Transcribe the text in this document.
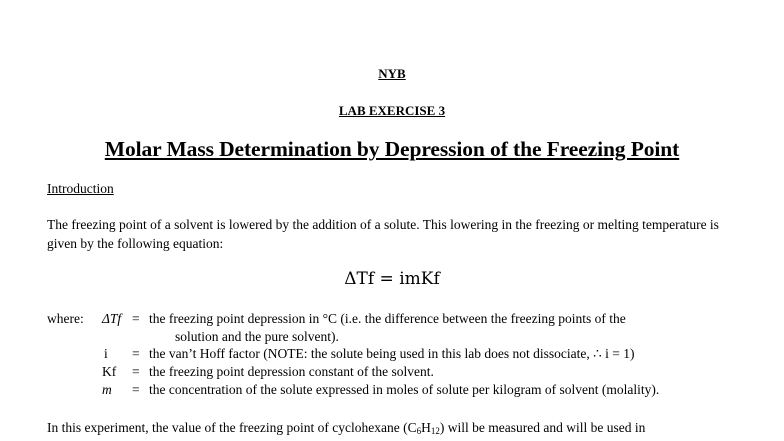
NYB
LAB EXERCISE 3
Molar Mass Determination by Depression of the Freezing Point
Introduction
The freezing point of a solvent is lowered by the addition of a solute. This lowering in the freezing or melting temperature is given by the following equation:
ΔTf = imKf
where: ΔTf = the freezing point depression in °C (i.e. the difference between the freezing points of the
solution and the pure solvent).
i = the van’t Hoff factor (NOTE: the solute being used in this lab does not dissociate, ∴ i = 1)
Kf = the freezing point depression constant of the solvent.
m = the concentration of the solute expressed in moles of solute per kilogram of solvent (molality).
In this experiment, the value of the freezing point of cyclohexane $(C_6H_{12})$ will be measured and will be used in
